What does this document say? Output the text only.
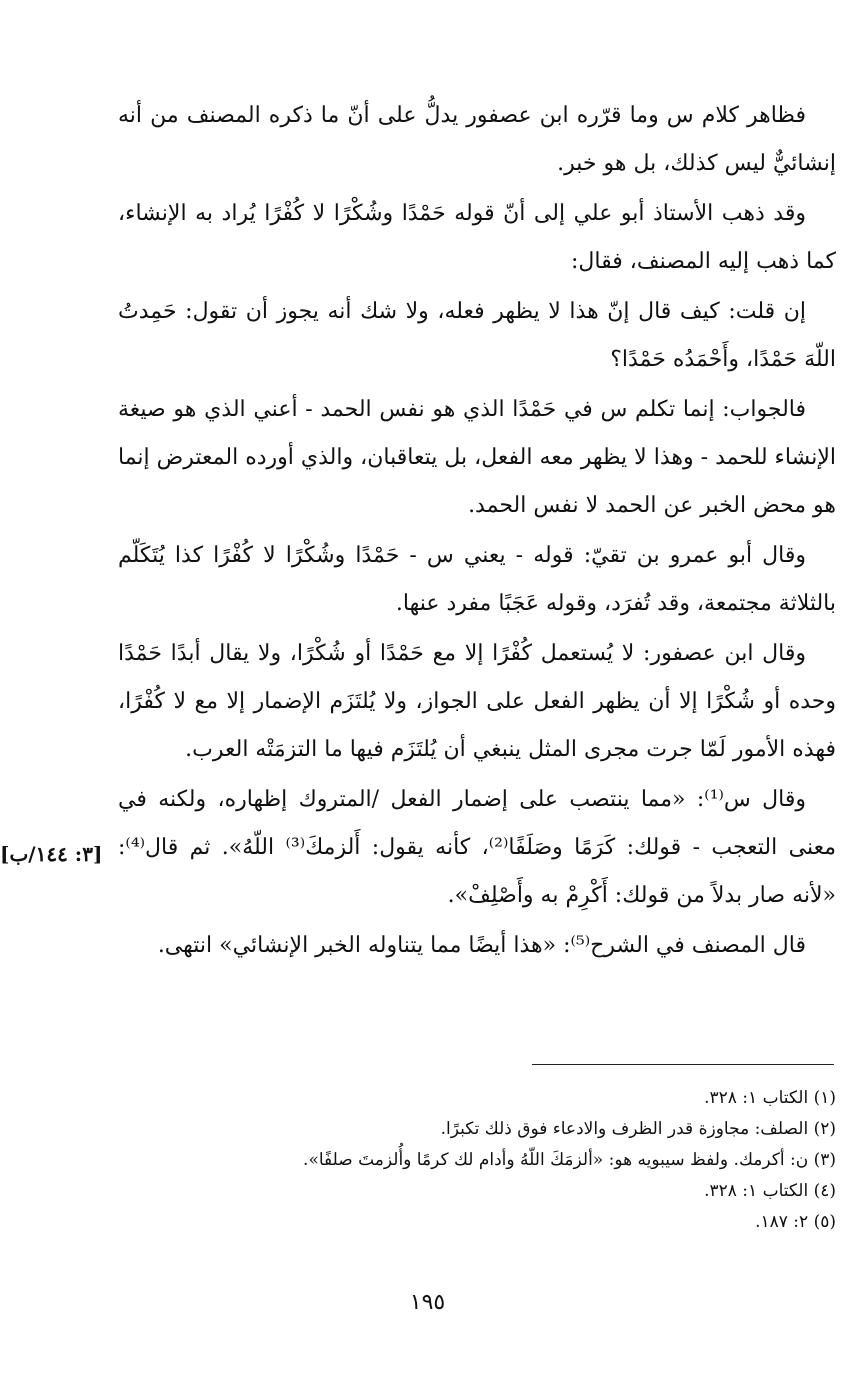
فظاهر كلام س وما قرّره ابن عصفور يدلُّ على أنّ ما ذكره المصنف من أنه إنشائيٌّ ليس كذلك، بل هو خبر.

وقد ذهب الأستاذ أبو علي إلى أنّ قوله حَمْدًا وشُكْرًا لا كُفْرًا يُراد به الإنشاء، كما ذهب إليه المصنف، فقال:

إن قلت: كيف قال إنّ هذا لا يظهر فعله، ولا شك أنه يجوز أن تقول: حَمِدتُ اللّهَ حَمْدًا، وأَحْمَدُه حَمْدًا؟

فالجواب: إنما تكلم س في حَمْدًا الذي هو نفس الحمد - أعني الذي هو صيغة الإنشاء للحمد - وهذا لا يظهر معه الفعل، بل يتعاقبان، والذي أورده المعترض إنما هو محض الخبر عن الحمد لا نفس الحمد.

وقال أبو عمرو بن تقيّ: قوله - يعني س - حَمْدًا وشُكْرًا لا كُفْرًا كذا يُتَكَلّم بالثلاثة مجتمعة، وقد تُفرَد، وقوله عَجَبًا مفرد عنها.

وقال ابن عصفور: لا يُستعمل كُفْرًا إلا مع حَمْدًا أو شُكْرًا، ولا يقال أبدًا حَمْدًا وحده أو شُكْرًا إلا أن يظهر الفعل على الجواز، ولا يُلتَزَم الإضمار إلا مع لا كُفْرًا، فهذه الأمور لَمّا جرت مجرى المثل ينبغي أن يُلتَزَم فيها ما التزمَتْه العرب.

وقال س⁽¹⁾: «مما ينتصب على إضمار الفعل /المتروك إظهاره، ولكنه في معنى التعجب - قولك: كَرَمًا وصَلَفًا⁽²⁾، كأنه يقول: أَلزمكَ⁽³⁾ اللّهُ». ثم قال⁽⁴⁾: «لأنه صار بدلاً من قولك: أَكْرِمْ به وأَصْلِفْ».

قال المصنف في الشرح⁽⁵⁾: «هذا أيضًا مما يتناوله الخبر الإنشائي» انتهى.

[٣: ١٤٤/ب]

(١) الكتاب ١: ٣٢٨.

(٢) الصلف: مجاوزة قدر الظرف والادعاء فوق ذلك تكبرًا.

(٣) ن: أكرمك. ولفظ سيبويه هو: «ألزمَكَ اللّهُ وأدام لك كرمًا وأُلزمتَ صلفًا».

(٤) الكتاب ١: ٣٢٨.

(٥) ٢: ١٨٧.

١٩٥
